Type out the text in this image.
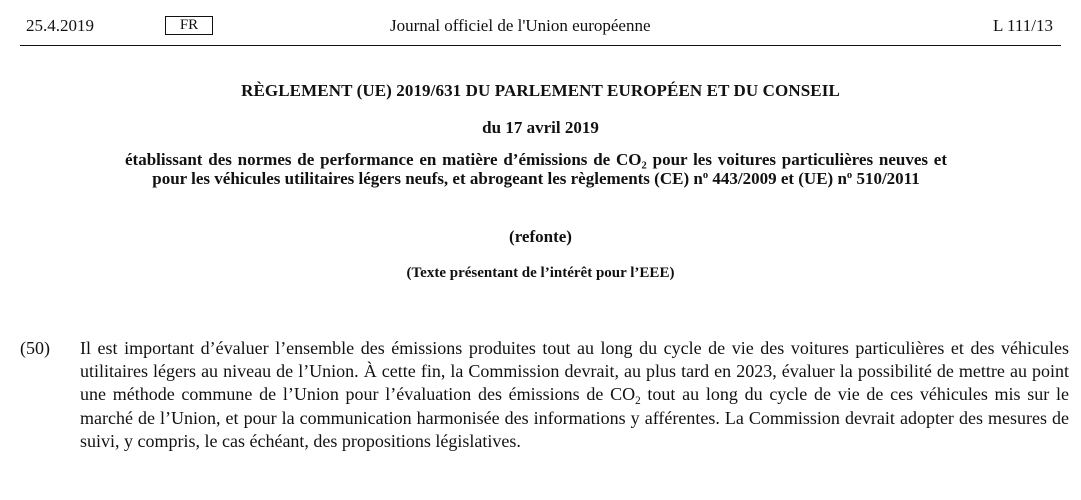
25.4.2019	FR	Journal officiel de l'Union européenne	L 111/13
RÈGLEMENT (UE) 2019/631 DU PARLEMENT EUROPÉEN ET DU CONSEIL
du 17 avril 2019
établissant des normes de performance en matière d’émissions de $CO_2$ pour les voitures particulières neuves et pour les véhicules utilitaires légers neufs, et abrogeant les règlements (CE) $n^o$ 443/2009 et (UE) $n^o$ 510/2011
(refonte)
(Texte présentant de l’intérêt pour l’EEE)
(50) Il est important d’évaluer l’ensemble des émissions produites tout au long du cycle de vie des voitures particulières et des véhicules utilitaires légers au niveau de l’Union. À cette fin, la Commission devrait, au plus tard en 2023, évaluer la possibilité de mettre au point une méthode commune de l’Union pour l’évaluation des émissions de $CO_2$ tout au long du cycle de vie de ces véhicules mis sur le marché de l’Union, et pour la communication harmonisée des informations y afférentes. La Commission devrait adopter des mesures de suivi, y compris, le cas échéant, des propositions législatives.
